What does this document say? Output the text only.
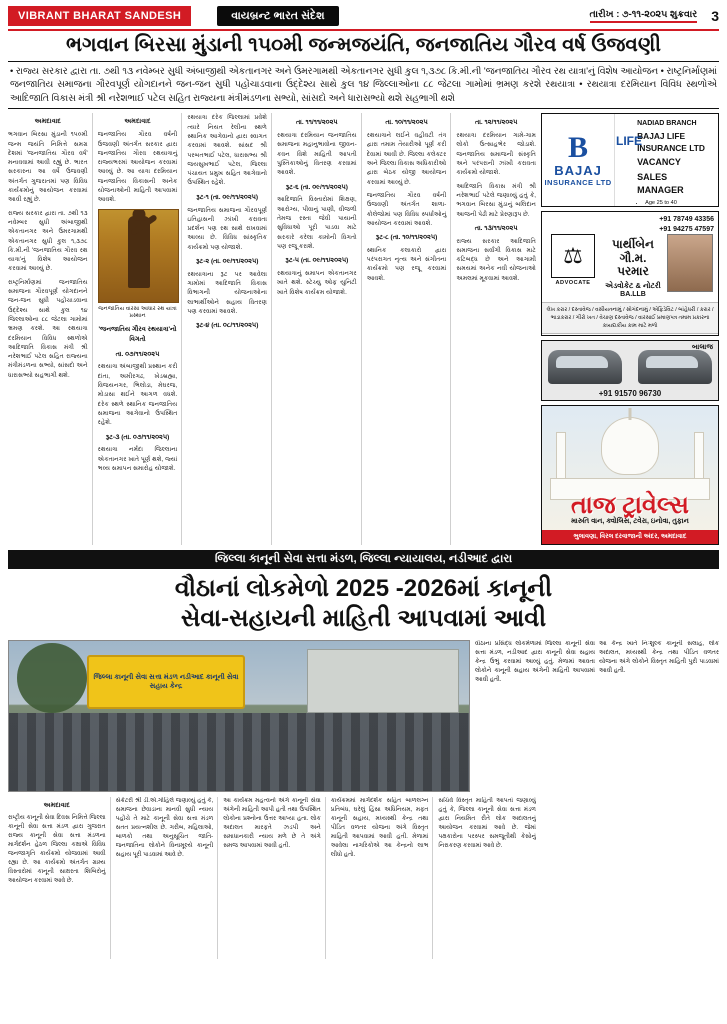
VIBRANT BHARAT SANDESH	વાયબ્રન્ટ ભારત સંદેશ	તારીખ : ૭-૧૧-૨૦૨૫ શુક્રવાર	3
ભગવાન બિરસા મુંડાની ૧૫૦મી જન્મજયંતિ, જનજાતિય ગૌરવ વર્ષ ઉજવણી
• રાજ્ય સરકાર દ્વારા તા. ૭થી ૧૩ નવેમ્બર સુધી અંબાજીથી એકતાનગર અને ઉમરગામથી એકતાનગર સુધી કુલ ૧,૩૭૮ કિ.મી.ની 'જનજાતિય ગૌરવ રથ યાત્રા'નું વિશેષ આયોજન • રાષ્ટ્રનિર્માણમાં જનજાતિય સમાજના ગૌરવપૂર્ણ યોગદાનને જન-જન સુધી પહોંચાડવાના ઉદ્દેશ્ય સાથે કુલ ૧૪ જિલ્લાઓના ૮૮ જેટલા ગામોમાં ભ્રમણ કરશે રથયાત્રા • રથયાત્રા દરમિયાન વિવિધ સ્થળોએ આદિજાતિ વિકાસ મંત્રી શ્રી નરેશભાઈ પટેલ સહિત રાજ્યના મંત્રીમંડળના સભ્યો, સાંસદો અને ધારાસભ્યો થશે સહભાગી થશે

અમદાવાદ

ભગવાન બિરસા મુંડાની ૧૫૦મી જન્મ જયંતિ નિમિત્તે સમગ્ર દેશમાં 'જનજાતિય ગૌરવ વર્ષ' મનાવવામાં આવી રહ્યું છે. ભારત સરકારના આ વર્ષે ઉજવણી અંતર્ગત ગુજરાતમાં પણ વિવિધ કાર્યક્રમોનું આયોજન કરવામાં આવી રહ્યું છે.

રાજ્ય સરકાર દ્વારા તા. ૭થી ૧૩ નવેમ્બર સુધી અંબાજીથી એકતાનગર અને ઉમરગામથી એકતાનગર સુધી કુલ ૧,૩૭૮ કિ.મી.ની 'જનજાતિય ગૌરવ રથ યાત્રા'નું વિશેષ આયોજન કરવામાં આવ્યું છે.

રાષ્ટ્રનિર્માણમાં જનજાતિય સમાજના ગૌરવપૂર્ણ યોગદાનને જન-જન સુધી પહોંચાડવાના ઉદ્દેશ્ય સાથે કુલ ૧૪ જિલ્લાઓના ૮૮ જેટલા ગામોમાં ભ્રમણ કરશે. આ રથયાત્રા દરમિયાન વિવિધ સ્થળોએ આદિજાતિ વિકાસ મંત્રી શ્રી નરેશભાઈ પટેલ સહિત રાજ્યના મંત્રીમંડળના સભ્યો, સાંસદો અને ધારાસભ્યો સહભાગી થશે.

અમદાવાદ

જનજાતિય ગૌરવ વર્ષની ઉજવણી અંતર્ગત સરકાર દ્વારા જનજાતિય ગૌરવ રથયાત્રાનું રાજ્યભરમાં આયોજન કરવામાં આવ્યું છે. આ યાત્રા દરમિયાન જનજાતિય વિકાસની અનેક યોજનાઓની માહિતી આપવામાં આવશે.

જનજાતિય વારસા આધાર રથ યાત્રા પ્રસ્થાન

'જનજાતિય ગૌરવ રથયાત્રા'નો વિગતો

તા. ૦૭/૧૧/૨૦૨૫

રથયાત્રા અંબાજીથી પ્રસ્થાન કરી દાંતા, અમીરગઢ, ખેડબ્રહ્મા, વિજયનગર, ભિલોડા, મેઘરજ, મોડાસા થઈને આગળ વધશે. દરેક સ્થળે સ્થાનિક જનજાતિય સમાજના આગેવાનો ઉપસ્થિત રહેશે.

રૂટ-૩ (તા. ૦૭/૧૧/૨૦૨૫)

રથયાત્રા નર્મદા જિલ્લાના એકતાનગર ખાતે પૂર્ણ થશે, જ્યાં ભવ્ય સમાપન સમારોહ યોજાશે.

રથયાત્રા દરેક જિલ્લામાં પ્રવેશે ત્યારે નિયત રેલીના સ્થળે સ્થાનિક આગેવાનો દ્વારા સ્વાગત કરવામાં આવશે. સાંસદ શ્રી પરબતભાઈ પટેલ, ધારાસભ્ય શ્રી જયસુખભાઈ પટેલ, જિલ્લા પંચાયત પ્રમુખ સહિત આગેવાનો ઉપસ્થિત રહેશે.

રૂટ-૧ (તા. ૦૯/૧૧/૨૦૨૫)

જનજાતિય સમાજના ગૌરવપૂર્ણ ઇતિહાસની ઝાંખી કરાવતા પ્રદર્શન પણ રથ સાથે રાખવામાં આવ્યા છે. વિવિધ સાંસ્કૃતિક કાર્યક્રમો પણ યોજાશે.

રૂટ-૨ (તા. ૦૯/૧૧/૨૦૨૫)

રથયાત્રાના રૂટ પર આવેલા ગામોમાં આદિજાતિ વિકાસ વિભાગની યોજનાઓના લાભાર્થીઓને સહાય વિતરણ પણ કરવામાં આવશે.

રૂટ-૪ (તા. ૦૮/૧૧/૨૦૨૫)

તા. ૧૧/૧૧/૨૦૨૫

રથયાત્રા દરમિયાન જનજાતિય સમાજના મહાનુભાવોના જીવન-કવન વિશે માહિતી આપતી પુસ્તિકાઓનું વિતરણ કરવામાં આવશે.

રૂટ-૬ (તા. ૦૯/૧૧/૨૦૨૫)

આદિજાતિ વિસ્તારોમાં શિક્ષણ, આરોગ્ય, પીવાનું પાણી, વીજળી તેમજ રસ્તા જેવી પાયાની સુવિધાઓ પૂરી પાડવા માટે સરકારે કરેલા કામોની વિગતો પણ રજૂ કરાશે.

રૂટ-૫ (તા. ૦૯/૧૧/૨૦૨૫)

રથયાત્રાનું સમાપન એકતાનગર ખાતે થશે. સ્ટેચ્યુ ઓફ યુનિટી ખાતે વિશેષ કાર્યક્રમ યોજાશે.

તા. ૧૦/૧૧/૨૦૨૫

રથયાત્રાને લઈને વહીવટી તંત્ર દ્વારા તમામ તૈયારીઓ પૂર્ણ કરી દેવામાં આવી છે. જિલ્લા કલેક્ટર અને જિલ્લા વિકાસ અધિકારીઓ દ્વારા બેઠક યોજી આયોજન કરવામાં આવ્યું છે.

જનજાતિય ગૌરવ વર્ષની ઉજવણી અંતર્ગત શાળા-કોલેજોમાં પણ વિવિધ સ્પર્ધાઓનું આયોજન કરવામાં આવશે.

રૂટ-૮ (તા. ૧૦/૧૧/૨૦૨૫)

સ્થાનિક કલાકારો દ્વારા પરંપરાગત નૃત્ય અને સંગીતના કાર્યક્રમો પણ રજૂ કરવામાં આવશે.

તા. ૧૨/૧૧/૨૦૨૫

રથયાત્રા દરમિયાન ગામે-ગામ લોકો ઉત્સાહભેર જોડાશે. જનજાતિય સમાજની સંસ્કૃતિ અને પરંપરાની ઝાંખી કરાવતા કાર્યક્રમો યોજાશે.

આદિજાતિ વિકાસ મંત્રી શ્રી નરેશભાઈ પટેલે જણાવ્યું હતું કે, ભગવાન બિરસા મુંડાનું બલિદાન આજની પેઢી માટે પ્રેરણારૂપ છે.

તા. ૧૩/૧૧/૨૦૨૫

રાજ્ય સરકાર આદિજાતિ સમાજના સર્વાંગી વિકાસ માટે કટિબદ્ધ છે અને આગામી સમયમાં અનેક નવી યોજનાઓ અમલમાં મૂકવામાં આવશે.

B
BAJAJ
INSURANCE LTD
LIFE
NADIAD BRANCH
BAJAJ LIFE
INSURANCE LTD
VACANCY
SALES MANAGER
• Age 25 to 40
+91 78749 43356
+91 94275 47597
⚖
ADVOCATE
પાર્થીબેન ગૌ.મ. પરમાર
એડવોકેટ & નોટરી
BA.LLB
લેખ કરાર / દસ્તાવેજ / વસીયતનામું / સોગંદનામું / એફિડેવિટ / બાંહેધરી / કરાર / ભાડાકરાર / ગીરો ખત / વેચાણ દસ્તાવેજ / વારસાઈ પ્રમાણપત્ર તમામ પ્રકારના કાયદાકીય કામ માટે મળો
બાલાજ
+91 91570 96730
તાજ ટ્રાવેલ્સ
મારુતિ વાન, ક્વોલિસ, ટવેરા, ઇનોવા, તુફાન
ભુલાવણા, વિરલ દરવાજાની અંદર, અમદાવાદ
જિલ્લા કાનૂની સેવા સત્તા મંડળ, જિલ્લા ન્યાયાલય, નડીઆદ દ્વારા
વૌઠાનાં લોકમેળો 2025 -2026માં કાનૂની
સેવા-સહાયની માહિતી આપવામાં આવી
જિલ્લા કાનૂની સેવા સત્તા મંડળ નડીઆદ કાનૂની સેવા સહાય કેન્દ્ર
વૌઠાના પ્રસિદ્ધ લોકમેળામાં જિલ્લા કાનૂની સેવા સત્તા મંડળ, નડીઆદ દ્વારા કાનૂની સેવા સહાય કેન્દ્ર ઉભું કરવામાં આવ્યું હતું. મેળામાં આવતા લોકોને કાનૂની સહાય અંગેની માહિતી આપવામાં આવી હતી.
આ કેન્દ્ર ખાતે નિઃશુલ્ક કાનૂની સલાહ, લોક અદાલત, મધ્યસ્થી કેન્દ્ર તથા પીડિત વળતર યોજના અંગે લોકોને વિસ્તૃત માહિતી પુરી પાડવામાં આવી હતી.

અમદાવાદ

રાષ્ટ્રીય કાનૂની સેવા દિવસ નિમિત્તે જિલ્લા કાનૂની સેવા સત્તા મંડળ દ્વારા ગુજરાત રાજ્ય કાનૂની સેવા સત્તા મંડળના માર્ગદર્શન હેઠળ જિલ્લા કક્ષાએ વિવિધ જનજાગૃતિ કાર્યક્રમો યોજવામાં આવી રહ્યા છે. આ કાર્યક્રમો અંતર્ગત ગ્રામ્ય વિસ્તારોમાં કાનૂની સાક્ષરતા શિબિરોનું આયોજન કરવામાં આવે છે.

સેક્રેટરી શ્રી ડી.એ.ગોહિલે જણાવ્યું હતું કે, સમાજના છેવાડાના માનવી સુધી ન્યાય પહોંચે તે માટે કાનૂની સેવા સત્તા મંડળ સતત પ્રયત્નશીલ છે. ગરીબ, મહિલાઓ, બાળકો તથા અનુસૂચિત જાતિ-જનજાતિના લોકોને વિનામૂલ્યે કાનૂની સહાય પૂરી પાડવામાં આવે છે.

આ કાર્યક્રમ મહત્વનો અંગે કાનૂની સેવા અંગેની માહિતી આપી હતી તથા ઉપસ્થિત લોકોના પ્રશ્નોના ઉત્તર આપ્યા હતા. લોક અદાલત મારફતે ઝડપી અને સમાધાનકારી ન્યાય મળે છે તે અંગે સમજ આપવામાં આવી હતી.

કાર્યક્રમમાં માર્ગદર્શક સહિત બાળલગ્ન પ્રતિબંધ, ઘરેલું હિંસા અધિનિયમ, મફત કાનૂની સહાય, મધ્યસ્થી કેન્દ્ર તથા પીડિત વળતર યોજના અંગે વિસ્તૃત માહિતી આપવામાં આવી હતી. મેળામાં આવેલા નાગરિકોએ આ કેન્દ્રનો લાભ લીધો હતો.

સચિવે વિસ્તૃત માહિતી આપતાં જણાવ્યું હતું કે, જિલ્લા કાનૂની સેવા સત્તા મંડળ દ્વારા નિયમિત રીતે લોક અદાલતનું આયોજન કરવામાં આવે છે. જેમાં પક્ષકારોના પરસ્પર સમજૂતીથી કેસોનું નિરાકરણ કરવામાં આવે છે.
